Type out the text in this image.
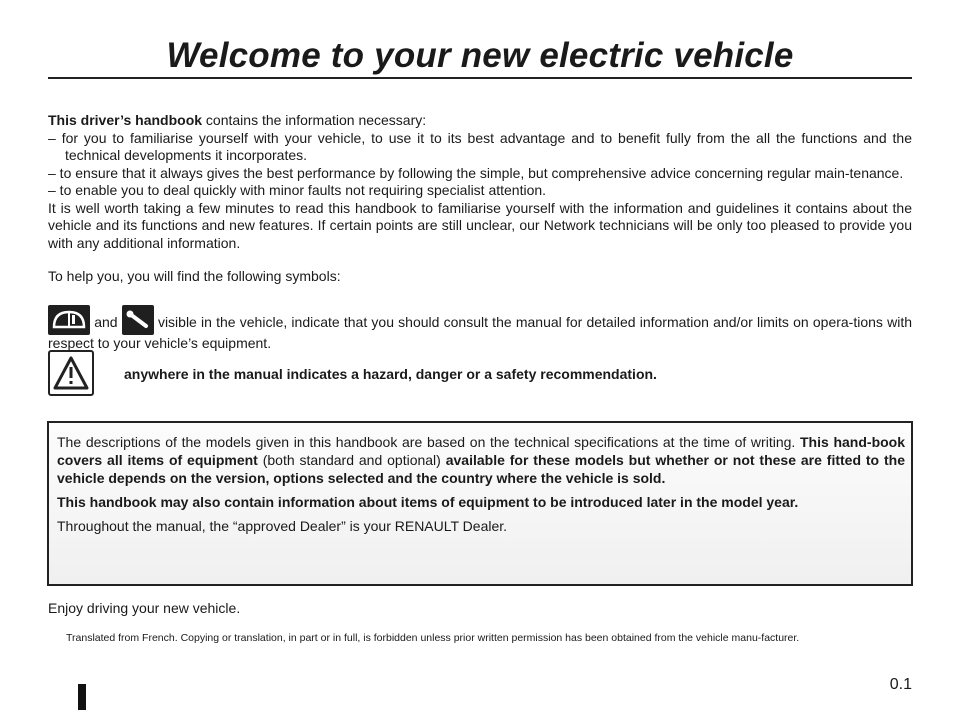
Welcome to your new electric vehicle

This driver’s handbook contains the information necessary:

– for you to familiarise yourself with your vehicle, to use it to its best advantage and to benefit fully from the all the functions and the technical developments it incorporates.

– to ensure that it always gives the best performance by following the simple, but comprehensive advice concerning regular main-tenance.

– to enable you to deal quickly with minor faults not requiring specialist attention.

It is well worth taking a few minutes to read this handbook to familiarise yourself with the information and guidelines it contains about the vehicle and its functions and new features. If certain points are still unclear, our Network technicians will be only too pleased to provide you with any additional information.

To help you, you will find the following symbols:
and
visible in the vehicle, indicate that you should consult the manual for detailed information and/or limits on opera-tions with respect to your vehicle’s equipment.
anywhere in the manual indicates a hazard, danger or a safety recommendation.

The descriptions of the models given in this handbook are based on the technical specifications at the time of writing. This hand-book covers all items of equipment (both standard and optional) available for these models but whether or not these are fitted to the vehicle depends on the version, options selected and the country where the vehicle is sold.

This handbook may also contain information about items of equipment to be introduced later in the model year.

Throughout the manual, the “approved Dealer” is your RENAULT Dealer.

Enjoy driving your new vehicle.
Translated from French. Copying or translation, in part or in full, is forbidden unless prior written permission has been obtained from the vehicle manu-facturer.
0.1
